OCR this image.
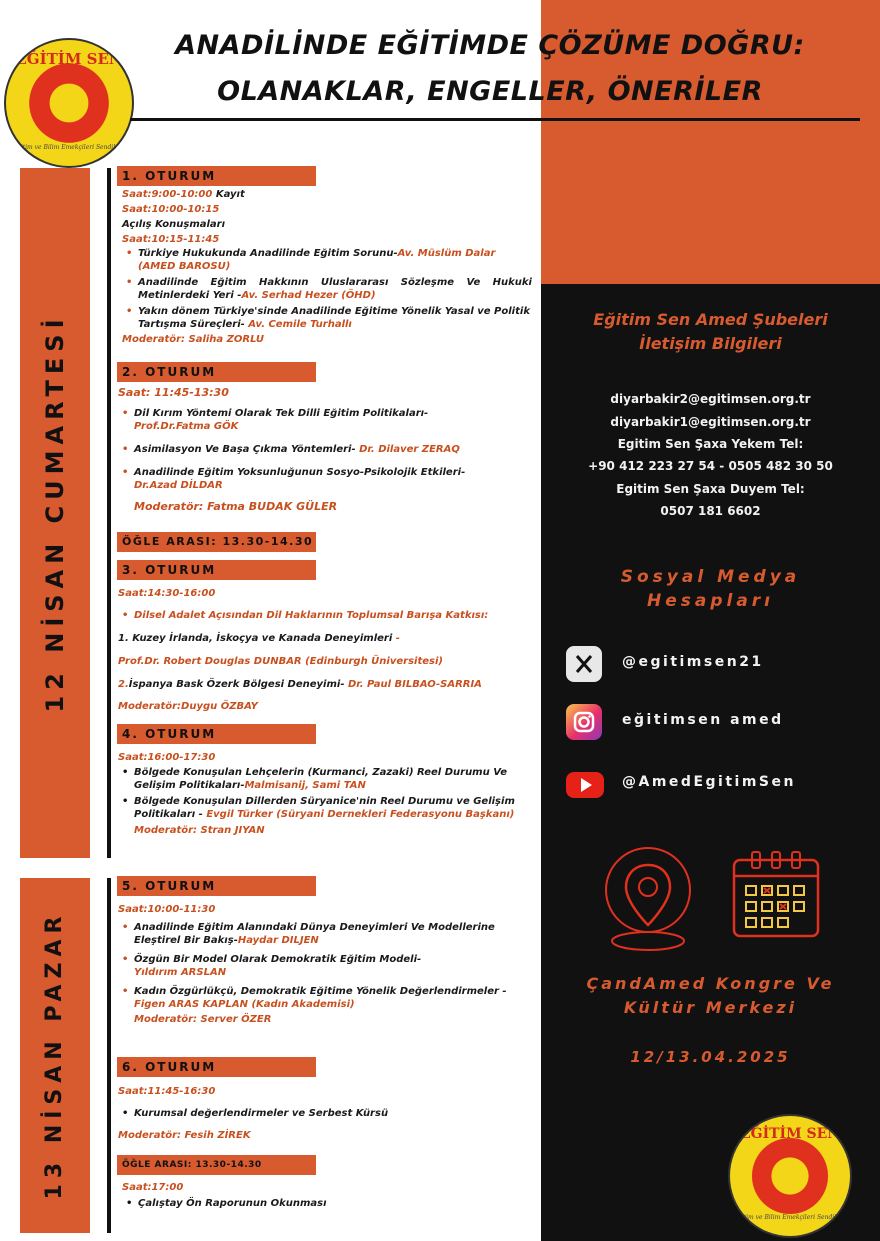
EĞİTİM SEN
Eğitim ve Bilim Emekçileri Sendikası
ANADİLİNDE EĞİTİMDE ÇÖZÜME DOĞRU:
OLANAKLAR, ENGELLER, ÖNERİLER
12 NİSAN CUMARTESİ
13 NİSAN PAZAR
1. OTURUM
Saat:9:00-10:00 Kayıt
Saat:10:00-10:15
Açılış Konuşmaları
Saat:10:15-11:45
• Türkiye Hukukunda Anadilinde Eğitim Sorunu-Av. Müslüm Dalar (AMED BAROSU)
• Anadilinde Eğitim Hakkının Uluslararası Sözleşme Ve Hukuki Metinlerdeki Yeri -Av. Serhad Hezer (ÖHD)
• Yakın dönem Türkiye'sinde Anadilinde Eğitime Yönelik Yasal ve Politik Tartışma Süreçleri- Av. Cemile Turhallı
Moderatör: Saliha ZORLU
2. OTURUM
Saat: 11:45-13:30
• Dil Kırım Yöntemi Olarak Tek Dilli Eğitim Politikaları-
Prof.Dr.Fatma GÖK
• Asimilasyon Ve Başa Çıkma Yöntemleri- Dr. Dilaver ZERAQ
• Anadilinde Eğitim Yoksunluğunun Sosyo-Psikolojik Etkileri-
Dr.Azad DİLDAR
Moderatör: Fatma BUDAK GÜLER
ÖĞLE ARASI: 13.30-14.30
3. OTURUM
Saat:14:30-16:00
• Dilsel Adalet Açısından Dil Haklarının Toplumsal Barışa Katkısı:
1. Kuzey İrlanda, İskoçya ve Kanada Deneyimleri -
Prof.Dr. Robert Douglas DUNBAR (Edinburgh Üniversitesi)
2.İspanya Bask Özerk Bölgesi Deneyimi- Dr. Paul BILBAO-SARRIA
Moderatör:Duygu ÖZBAY
4. OTURUM
Saat:16:00-17:30
• Bölgede Konuşulan Lehçelerin (Kurmanci, Zazaki) Reel Durumu Ve Gelişim Politikaları-Malmisanij, Sami TAN
• Bölgede Konuşulan Dillerden Süryanice'nin Reel Durumu ve Gelişim Politikaları - Evgil Türker (Süryani Dernekleri Federasyonu Başkanı)
Moderatör: Stran JIYAN
5. OTURUM
Saat:10:00-11:30
• Anadilinde Eğitim Alanındaki Dünya Deneyimleri Ve Modellerine Eleştirel Bir Bakış-Haydar DILJEN
• Özgün Bir Model Olarak Demokratik Eğitim Modeli-
Yıldırım ARSLAN
• Kadın Özgürlükçü, Demokratik Eğitime Yönelik Değerlendirmeler - Figen ARAS KAPLAN (Kadın Akademisi)
Moderatör: Server ÖZER
6. OTURUM
Saat:11:45-16:30
• Kurumsal değerlendirmeler ve Serbest Kürsü
Moderatör: Fesih ZİREK
ÖĞLE ARASI: 13.30-14.30
Saat:17:00
• Çalıştay Ön Raporunun Okunması
Eğitim Sen Amed Şubeleri
İletişim Bilgileri
diyarbakir2@egitimsen.org.tr
diyarbakir1@egitimsen.org.tr
Egitim Sen Şaxa Yekem Tel:
+90 412 223 27 54 - 0505 482 30 50
Egitim Sen Şaxa Duyem Tel:
0507 181 6602
Sosyal Medya
Hesapları
@egitimsen21
eğitimsen amed
@AmedEgitimSen
ÇandAmed Kongre Ve
Kültür Merkezi
12/13.04.2025
EĞİTİM SEN
Eğitim ve Bilim Emekçileri Sendikası
